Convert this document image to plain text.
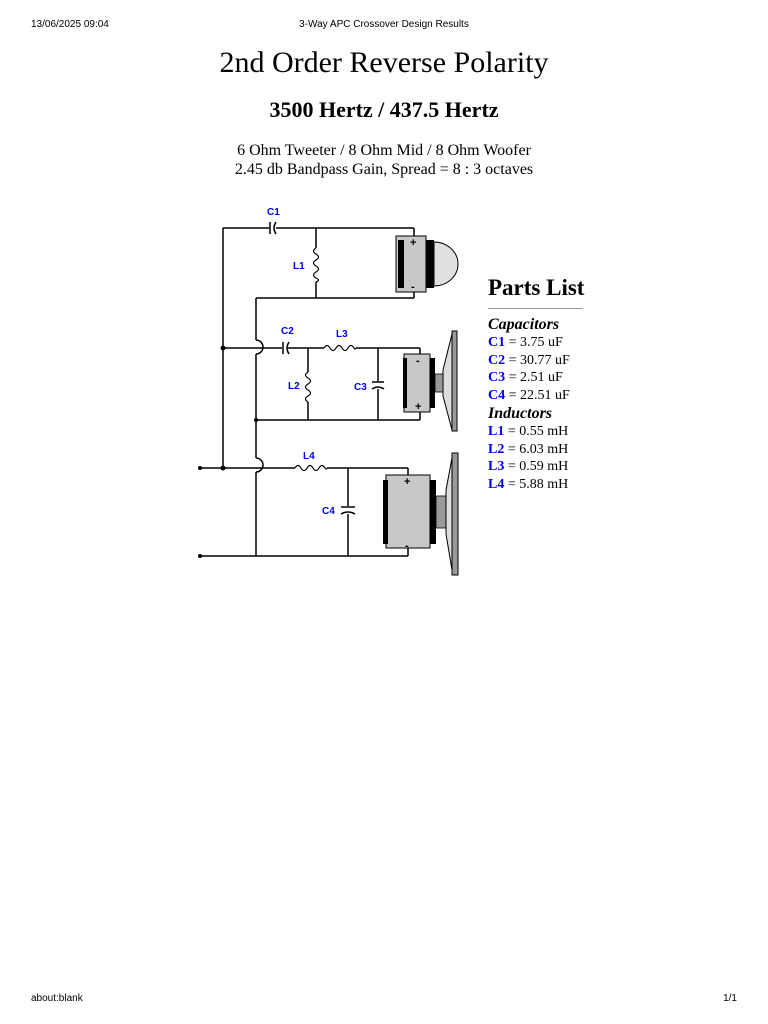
13/06/2025 09:04	3-Way APC Crossover Design Results
2nd Order Reverse Polarity
3500 Hertz / 437.5 Hertz
6 Ohm Tweeter / 8 Ohm Mid / 8 Ohm Woofer
2.45 db Bandpass Gain, Spread = 8 : 3 octaves
+
-
-
+
+
-
C1
L1
C2	L3
L2	C3
L4
C4
Parts List
Capacitors
C1 = 3.75 uF
C2 = 30.77 uF
C3 = 2.51 uF
C4 = 22.51 uF
Inductors
L1 = 0.55 mH
L2 = 6.03 mH
L3 = 0.59 mH
L4 = 5.88 mH
about:blank	1/1
